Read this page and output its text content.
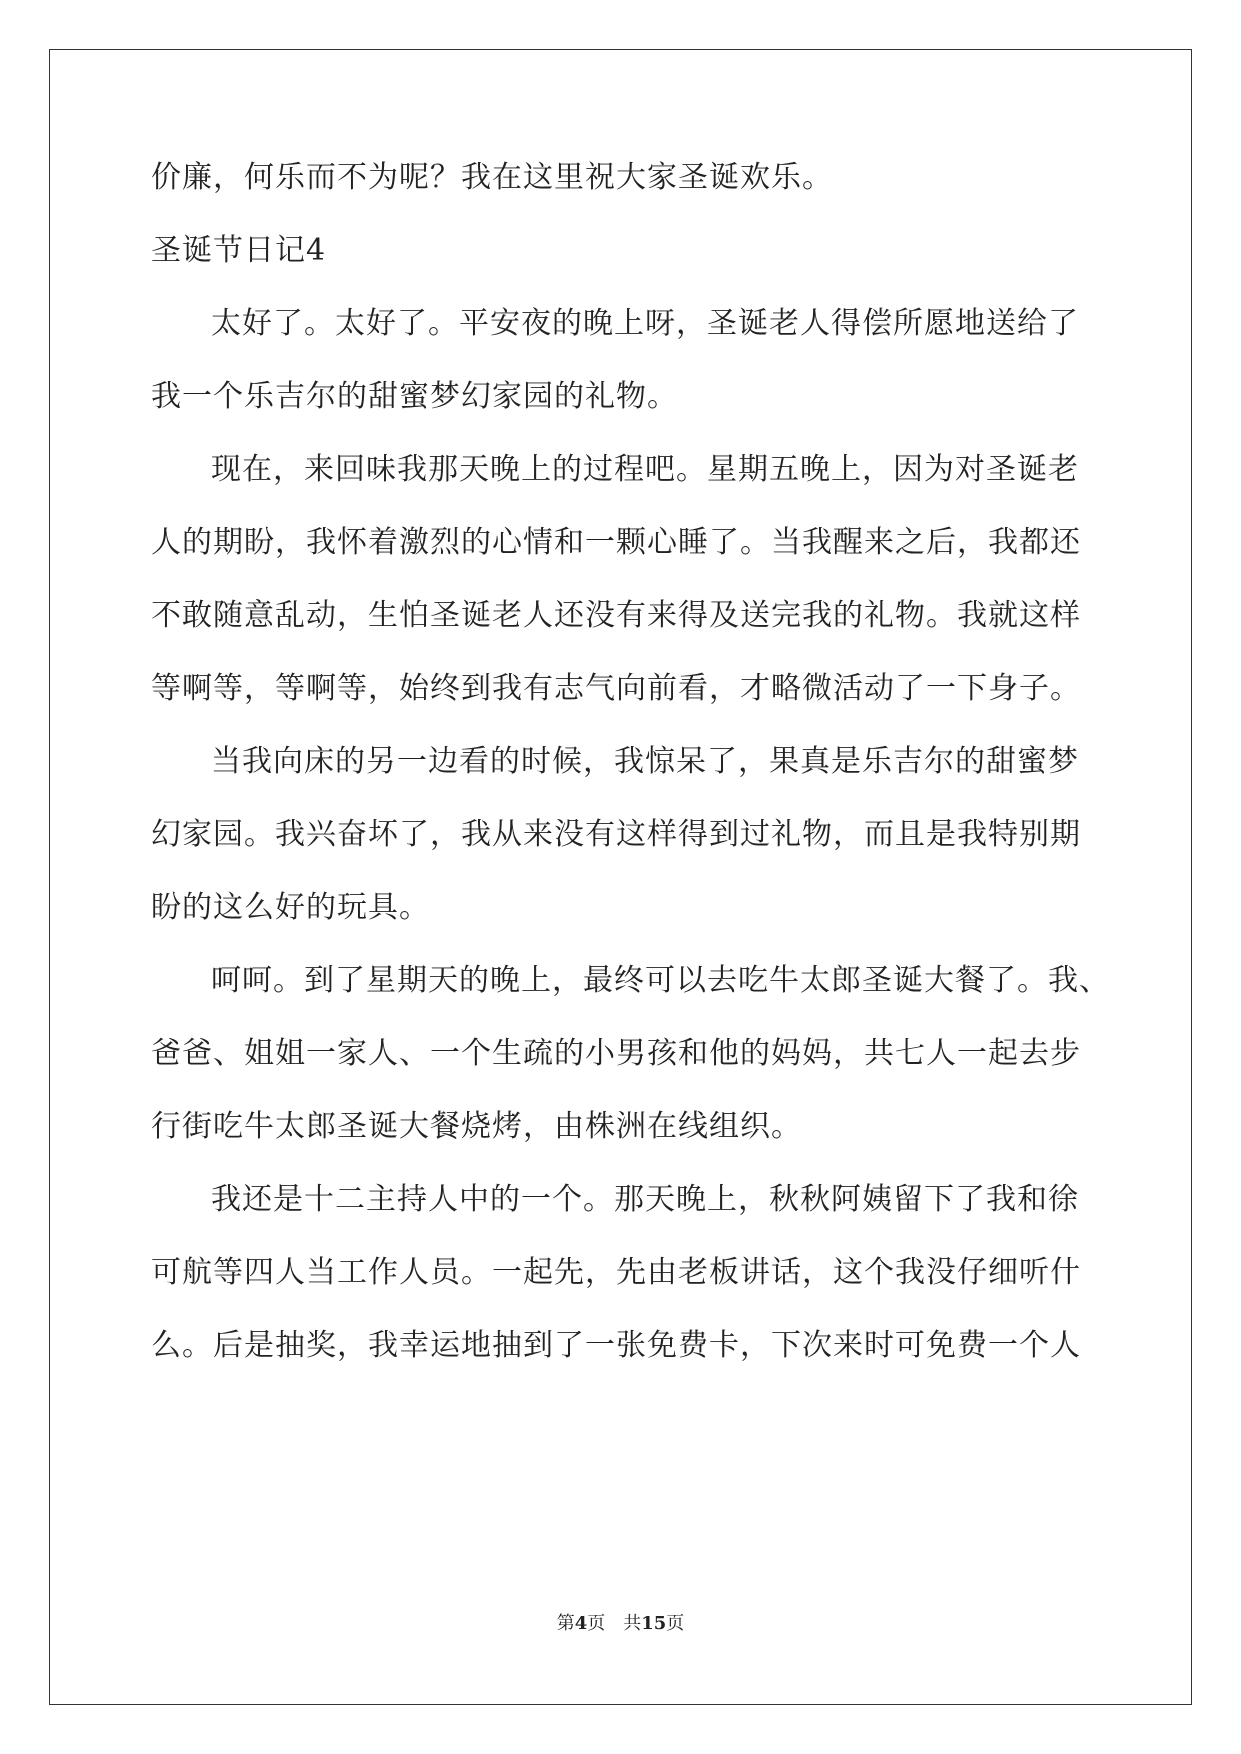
价廉，何乐而不为呢？我在这里祝大家圣诞欢乐。
圣诞节日记4
太好了。太好了。平安夜的晚上呀，圣诞老人得偿所愿地送给了
我一个乐吉尔的甜蜜梦幻家园的礼物。
现在，来回味我那天晚上的过程吧。星期五晚上，因为对圣诞老
人的期盼，我怀着激烈的心情和一颗心睡了。当我醒来之后，我都还
不敢随意乱动，生怕圣诞老人还没有来得及送完我的礼物。我就这样
等啊等，等啊等，始终到我有志气向前看，才略微活动了一下身子。
当我向床的另一边看的时候，我惊呆了，果真是乐吉尔的甜蜜梦
幻家园。我兴奋坏了，我从来没有这样得到过礼物，而且是我特别期
盼的这么好的玩具。
呵呵。到了星期天的晚上，最终可以去吃牛太郎圣诞大餐了。我、
爸爸、姐姐一家人、一个生疏的小男孩和他的妈妈，共七人一起去步
行街吃牛太郎圣诞大餐烧烤，由株洲在线组织。
我还是十二主持人中的一个。那天晚上，秋秋阿姨留下了我和徐
可航等四人当工作人员。一起先，先由老板讲话，这个我没仔细听什
么。后是抽奖，我幸运地抽到了一张免费卡，下次来时可免费一个人
第4页　共15页
